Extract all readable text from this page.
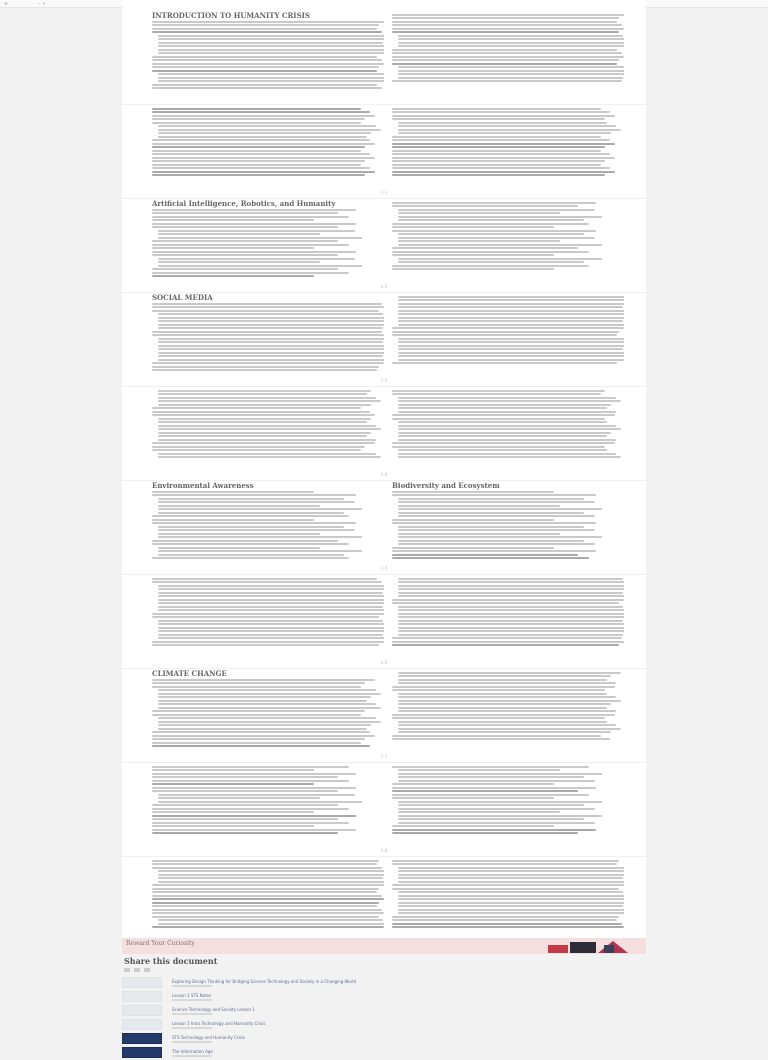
☰	− +
INTRODUCTION TO HUMANITY CRISIS
1-1
Artificial Intelligence, Robotics, and Humanity
1-2
SOCIAL MEDIA
1-3
1-4
Environmental Awareness	Biodiversity and Ecosystem
1-5
1-6
CLIMATE CHANGE
1-7
1-8
Reward Your Curiosity
Share this document
Exploring Design Thinking for Bridging Science Technology and Society in a Changing World
Lesson 1 STS Notes
Science Technology and Society Lesson 1
Lesson 1 Intro Technology and Humanity Crisis
STS Technology and Humanity Crisis
The Information Age
